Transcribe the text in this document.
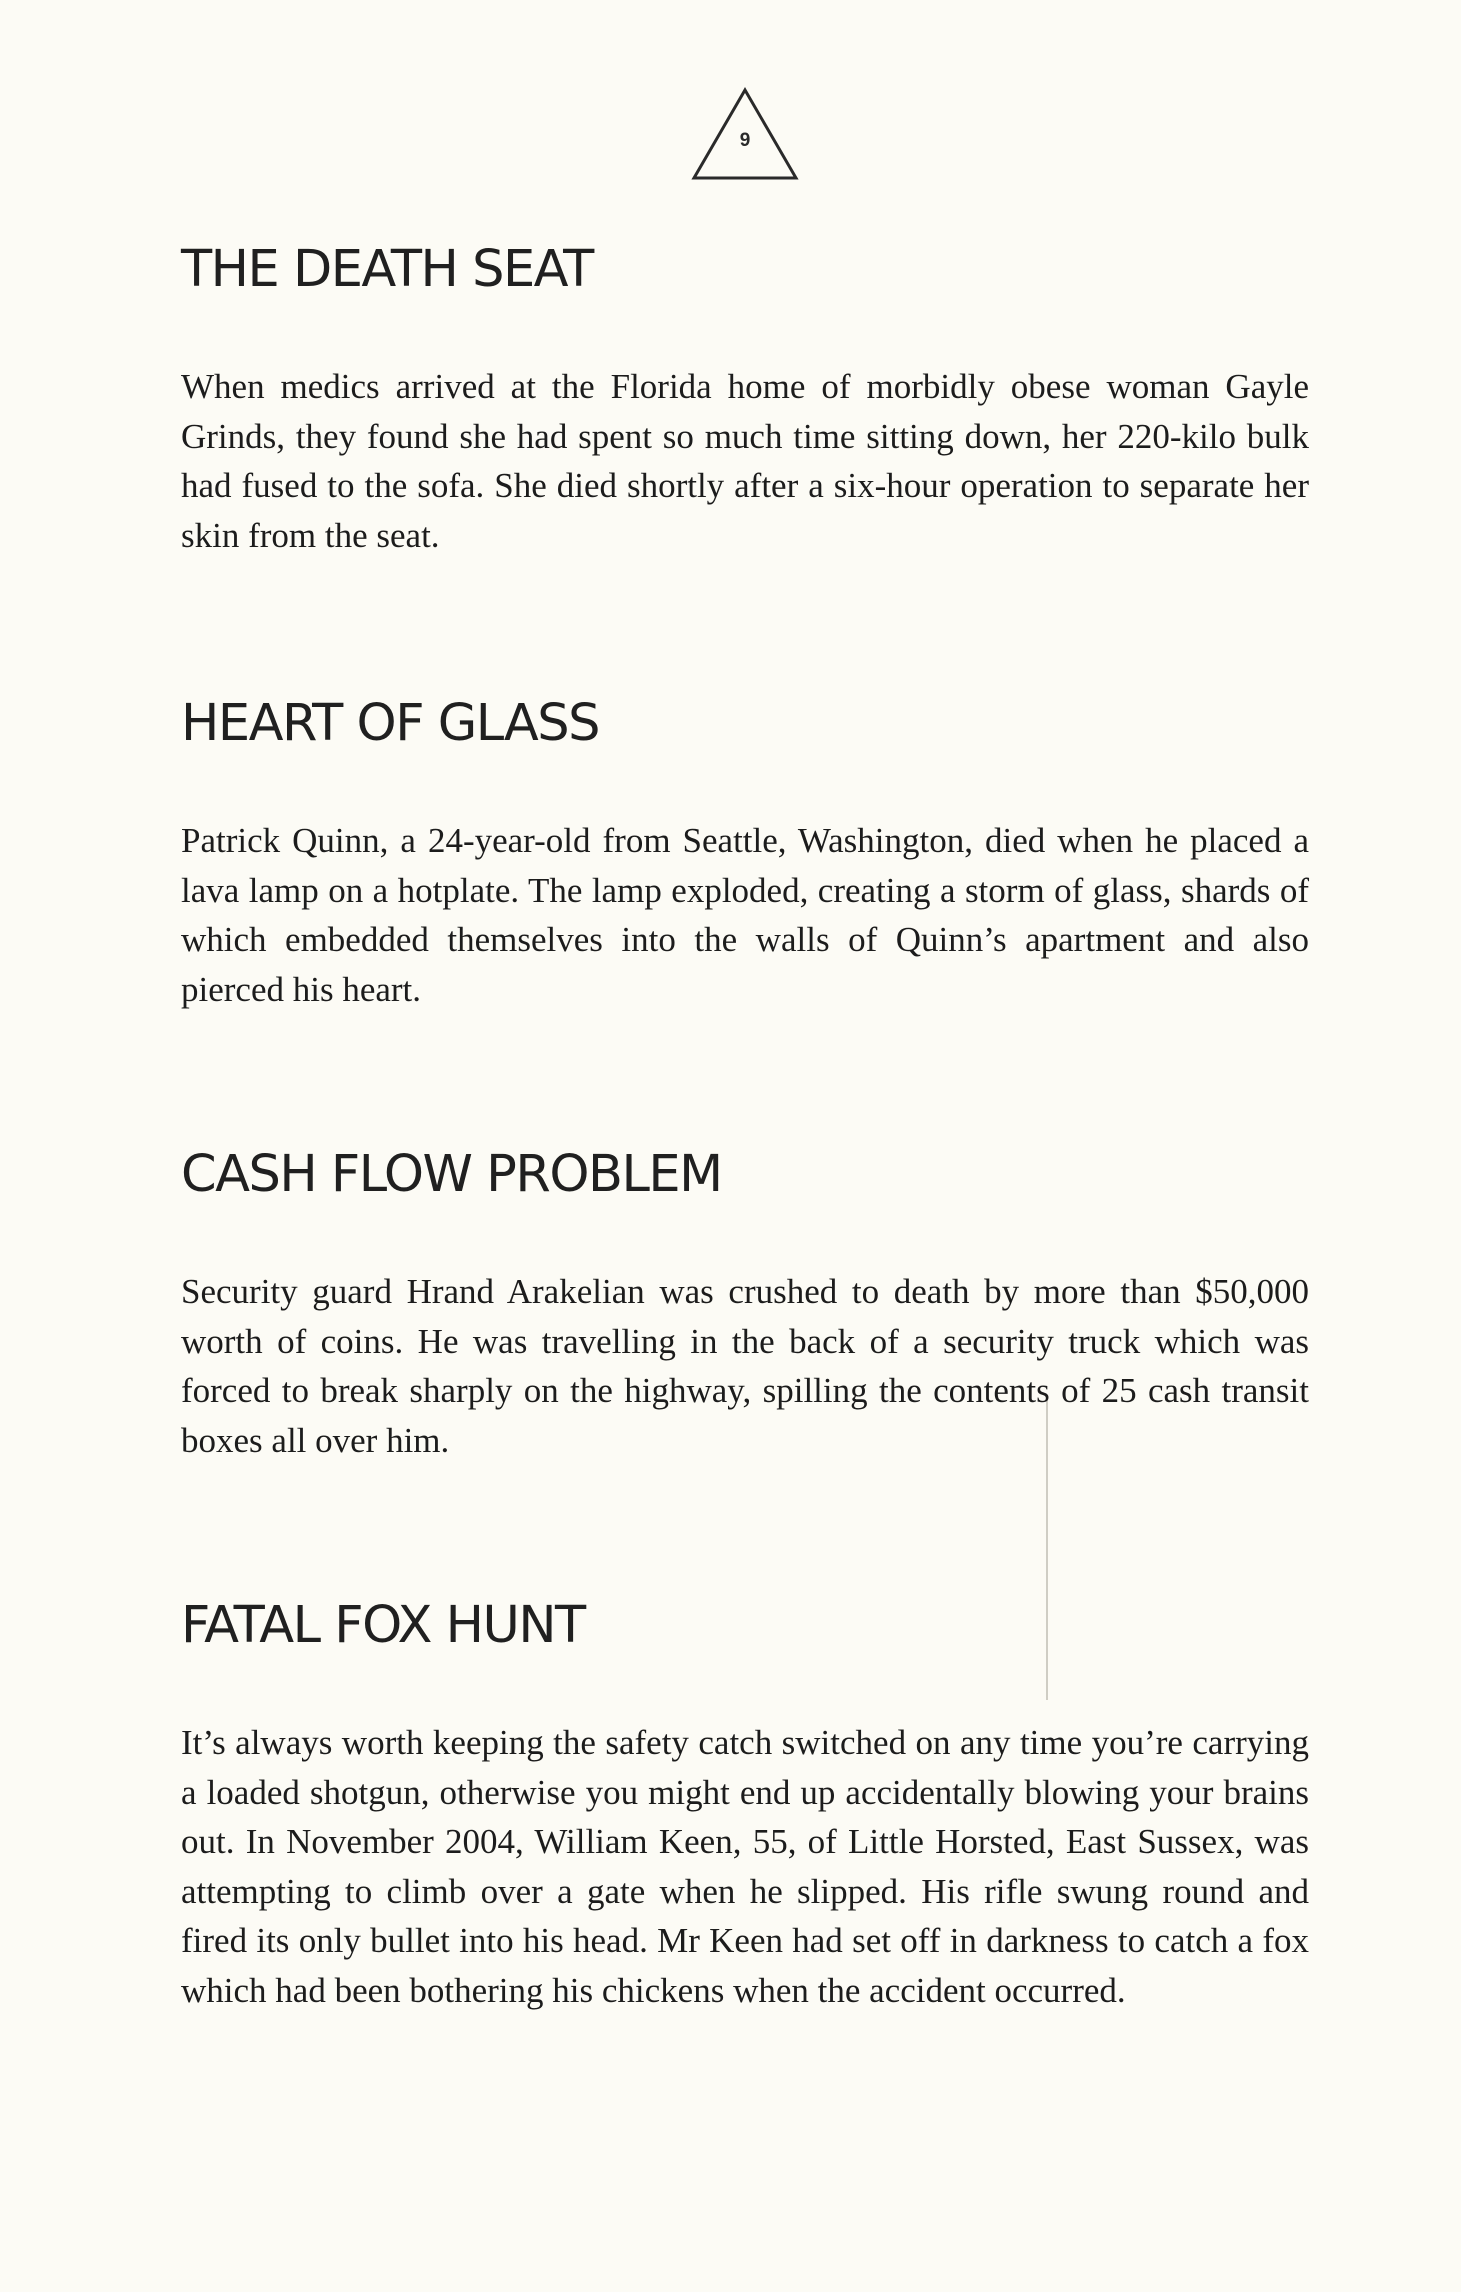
9
THE DEATH SEAT

When medics arrived at the Florida home of morbidly obese woman Gayle Grinds, they found she had spent so much time sitting down, her 220-kilo bulk had fused to the sofa. She died shortly after a six-hour operation to separate her skin from the seat.

HEART OF GLASS

Patrick Quinn, a 24-year-old from Seattle, Washington, died when he placed a lava lamp on a hotplate. The lamp exploded, creating a storm of glass, shards of which embedded themselves into the walls of Quinn’s apartment and also pierced his heart.

CASH FLOW PROBLEM

Security guard Hrand Arakelian was crushed to death by more than $50,000 worth of coins. He was travelling in the back of a security truck which was forced to break sharply on the highway, spilling the contents of 25 cash transit boxes all over him.

FATAL FOX HUNT

It’s always worth keeping the safety catch switched on any time you’re carrying a loaded shotgun, otherwise you might end up accidentally blowing your brains out. In November 2004, William Keen, 55, of Little Horsted, East Sussex, was attempting to climb over a gate when he slipped. His rifle swung round and fired its only bullet into his head. Mr Keen had set off in darkness to catch a fox which had been bothering his chickens when the accident occurred.
